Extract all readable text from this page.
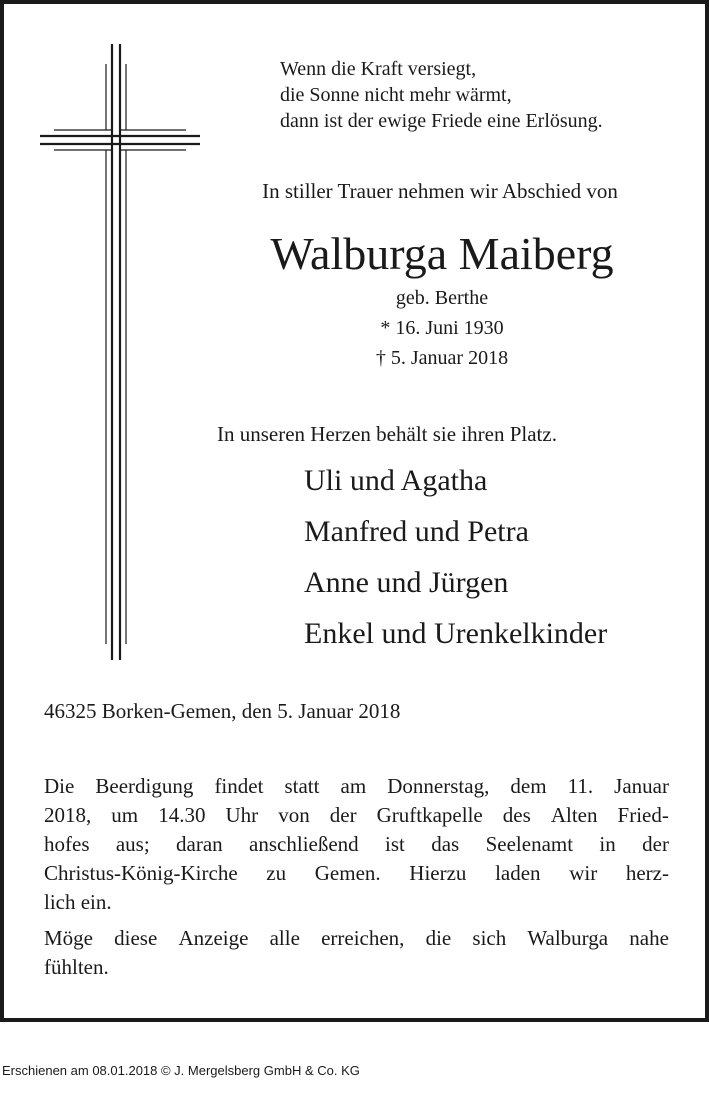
Wenn die Kraft versiegt,
die Sonne nicht mehr wärmt,
dann ist der ewige Friede eine Erlösung.
In stiller Trauer nehmen wir Abschied von
Walburga Maiberg
geb. Berthe
* 16. Juni 1930
† 5. Januar 2018
In unseren Herzen behält sie ihren Platz.
Uli und Agatha
Manfred und Petra
Anne und Jürgen
Enkel und Urenkelkinder
46325 Borken-Gemen, den 5. Januar 2018
Die Beerdigung findet statt am Donnerstag, dem 11. Januar
2018, um 14.30 Uhr von der Gruftkapelle des Alten Fried-
hofes aus; daran anschließend ist das Seelenamt in der
Christus-König-Kirche zu Gemen. Hierzu laden wir herz-
lich ein.
Möge diese Anzeige alle erreichen, die sich Walburga nahe
fühlten.
Erschienen am 08.01.2018 © J. Mergelsberg GmbH & Co. KG
